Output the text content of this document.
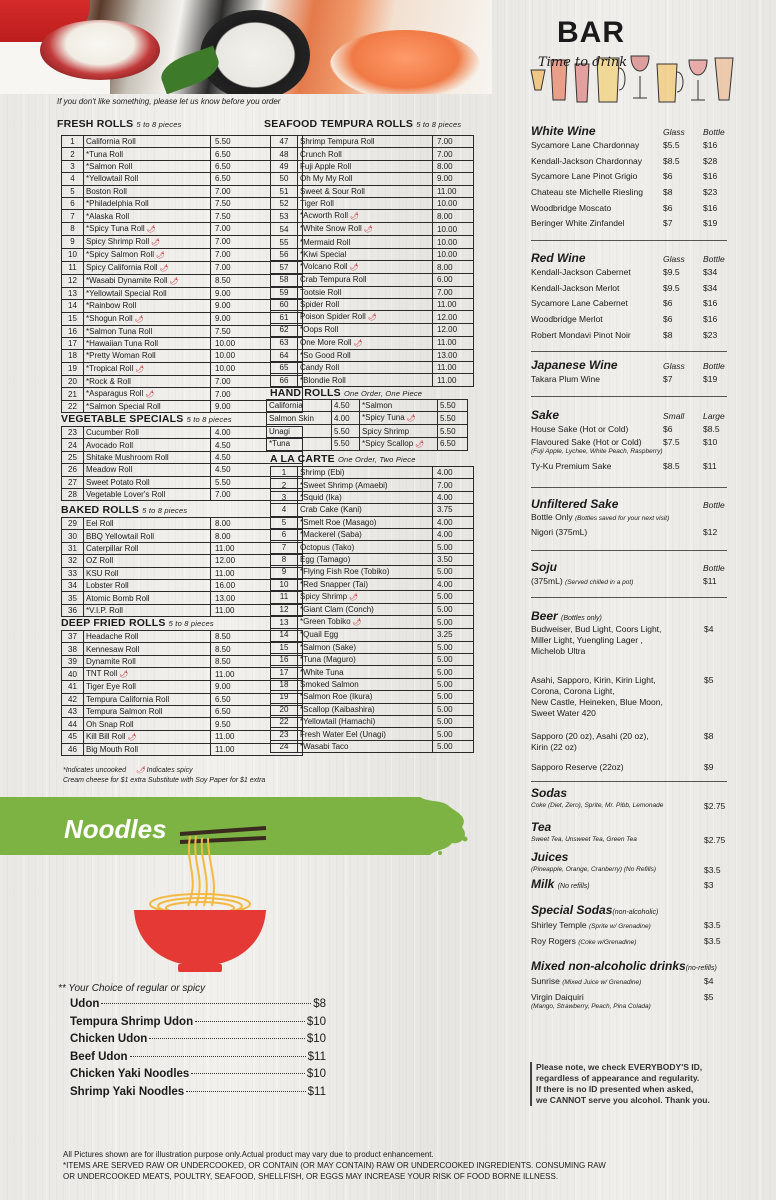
If you don't like something, please let us know before you order
FRESH ROLLS 5 to 8 pieces
1	California Roll	5.50
2	*Tuna Roll	6.50
3	*Salmon Roll	6.50
4	*Yellowtail Roll	6.50
5	Boston Roll	7.00
6	*Philadelphia Roll	7.50
7	*Alaska Roll	7.50
8	*Spicy Tuna Roll 🌶	7.00
9	Spicy Shrimp Roll 🌶	7.00
10	*Spicy Salmon Roll 🌶	7.00
11	Spicy California Roll 🌶	7.00
12	*Wasabi Dynamite Roll 🌶	8.50
13	*Yellowtail Special Roll	9.00
14	*Rainbow Roll	9.00
15	*Shogun Roll 🌶	9.00
16	*Salmon Tuna Roll	7.50
17	*Hawaiian Tuna Roll	10.00
18	*Pretty Woman Roll	10.00
19	*Tropical Roll 🌶	10.00
20	*Rock & Roll	7.00
21	*Asparagus Roll 🌶	7.00
22	*Salmon Special Roll	9.00
VEGETABLE SPECIALS 5 to 8 pieces
23	Cucumber Roll	4.00
24	Avocado Roll	4.50
25	Shitake Mushroom Roll	4.50
26	Meadow Roll	4.50
27	Sweet Potato Roll	5.50
28	Vegetable Lover's Roll	7.00
BAKED ROLLS 5 to 8 pieces
29	Eel Roll	8.00
30	BBQ Yellowtail Roll	8.00
31	Caterpillar Roll	11.00
32	OZ Roll	12.00
33	KSU Roll	11.00
34	Lobster Roll	16.00
35	Atomic Bomb Roll	13.00
36	*V.I.P. Roll	11.00
DEEP FRIED ROLLS 5 to 8 pieces
37	Headache Roll	8.50
38	Kennesaw Roll	8.50
39	Dynamite Roll	8.50
40	TNT Roll 🌶	11.00
41	Tiger Eye Roll	9.00
42	Tempura California Roll	6.50
43	Tempura Salmon Roll	6.50
44	Oh Snap Roll	9.50
45	Kill Bill Roll 🌶	11.00
46	Big Mouth Roll	11.00
SEAFOOD TEMPURA ROLLS 5 to 8 pieces
47	Shrimp Tempura Roll	7.00
48	Crunch Roll	7.00
49	Fuji Apple Roll	8.00
50	Oh My My Roll	9.00
51	Sweet & Sour Roll	11.00
52	Tiger Roll	10.00
53	*Acworth Roll 🌶	8.00
54	*White Snow Roll 🌶	10.00
55	*Mermaid Roll	10.00
56	*Kiwi Special	10.00
57	*Volcano Roll 🌶	8.00
58	Crab Tempura Roll	6.00
59	Tootsie Roll	7.00
60	Spider Roll	11.00
61	Poison Spider Roll 🌶	12.00
62	*Oops Roll	12.00
63	One More Roll 🌶	11.00
64	*So Good Roll	13.00
65	Candy Roll	11.00
66	*Blondie Roll	11.00
HAND ROLLS One Order, One Piece
California	4.50	*Salmon	5.50
Salmon Skin	4.00	*Spicy Tuna 🌶	5.50
Unagi	5.50	Spicy Shrimp	5.50
*Tuna	5.50	*Spicy Scallop 🌶	6.50
A LA CARTE One Order, Two Piece
1	Shrimp (Ebi)	4.00
2	*Sweet Shrimp (Amaebi)	7.00
3	*Squid (Ika)	4.00
4	Crab Cake (Kani)	3.75
5	*Smelt Roe (Masago)	4.00
6	*Mackerel (Saba)	4.00
7	Octopus (Tako)	5.00
8	Egg (Tamago)	3.50
9	*Flying Fish Roe (Tobiko)	5.00
10	*Red Snapper (Tai)	4.00
11	Spicy Shrimp 🌶	5.00
12	*Giant Clam (Conch)	5.00
13	*Green Tobiko 🌶	5.00
14	*Quail Egg	3.25
15	*Salmon (Sake)	5.00
16	*Tuna (Maguro)	5.00
17	*White Tuna	5.00
18	Smoked Salmon	5.00
19	*Salmon Roe (Ikura)	5.00
20	*Scallop (Kaibashira)	5.00
22	*Yellowtail (Hamachi)	5.00
23	Fresh Water Eel (Unagi)	5.00
24	*Wasabi Taco	5.00
*Indicates uncooked 🌶 Indicates spicy
Cream cheese for $1 extra Substitute with Soy Paper for $1 extra
Noodles
** Your Choice of regular or spicy
Udon	$8
Tempura Shrimp Udon	$10
Chicken Udon	$10
Beef Udon	$11
Chicken Yaki Noodles	$10
Shrimp Yaki Noodles	$11
All Pictures shown are for illustration purpose only.Actual product may vary due to product enhancement.
*ITEMS ARE SERVED RAW OR UNDERCOOKED, OR CONTAIN (OR MAY CONTAIN) RAW OR UNDERCOOKED INGREDIENTS. CONSUMING RAW
OR UNDERCOOKED MEATS, POULTRY, SEAFOOD, SHELLFISH, OR EGGS MAY INCREASE YOUR RISK OF FOOD BORNE ILLNESS.
BAR
Time to drink
White Wine	Glass Bottle
Sycamore Lane Chardonnay	$5.5	$16
Kendall-Jackson Chardonnay $8.5	$28
Sycamore Lane Pinot Grigio	$6	$16
Chateau ste Michelle Riesling $8	$23
Woodbridge Moscato	$6	$16
Beringer White Zinfandel	$7	$19
Red Wine	Glass Bottle
Kendall-Jackson Cabernet	$9.5	$34
Kendall-Jackson Merlot	$9.5	$34
Sycamore Lane Cabernet	$6	$16
Woodbridge Merlot	$6	$16
Robert Mondavi Pinot Noir	$8	$23
Japanese Wine	Glass Bottle
Takara Plum Wine	$7	$19
Sake	Small Large
House Sake (Hot or Cold)	$6	$8.5
Flavoured Sake (Hot or Cold)	$7.5	$10
(Fuji Apple, Lychee, White Peach, Raspberry)
Ty-Ku Premium Sake	$8.5	$11
Unfiltered Sake	Bottle
Bottle Only (Bottles saved for your next visit)
Nigori (375mL)	$12
Soju	Bottle
(375mL) (Served chilled in a pot)	$11
Beer (Bottles only)
Budweiser, Bud Light, Coors Light,
Miller Light, Yuengling Lager ,
Michelob Ultra
$4
Asahi, Sapporo, Kirin, Kirin Light,
Corona, Corona Light,
New Castle, Heineken, Blue Moon,
Sweet Water 420
$5
Sapporo (20 oz), Asahi (20 oz),
Kirin (22 oz)
$8
Sapporo Reserve (22oz)	$9
Sodas
Coke (Diet, Zero), Sprite, Mr. Pibb, Lemonade	$2.75
Tea
Sweet Tea, Unsweet Tea, Green Tea	$2.75
Juices
(Pineapple, Orange, Cranberry) (No Refills)	$3.5
Milk (No refills)	$3
Special Sodas(non-alcoholic)
Shirley Temple (Sprite w/ Grenadine)	$3.5
Roy Rogers (Coke w/Grenadine)	$3.5
Mixed non-alcoholic drinks(no-refills)
Sunrise (Mixed Juice w/ Grenadine)	$4
Virgin Daiquiri	$5
(Mango, Strawberry, Peach, Pina Colada)
Please note, we check EVERYBODY'S ID,
regardless of appearance and regularity.
If there is no ID presented when asked,
we CANNOT serve you alcohol. Thank you.
